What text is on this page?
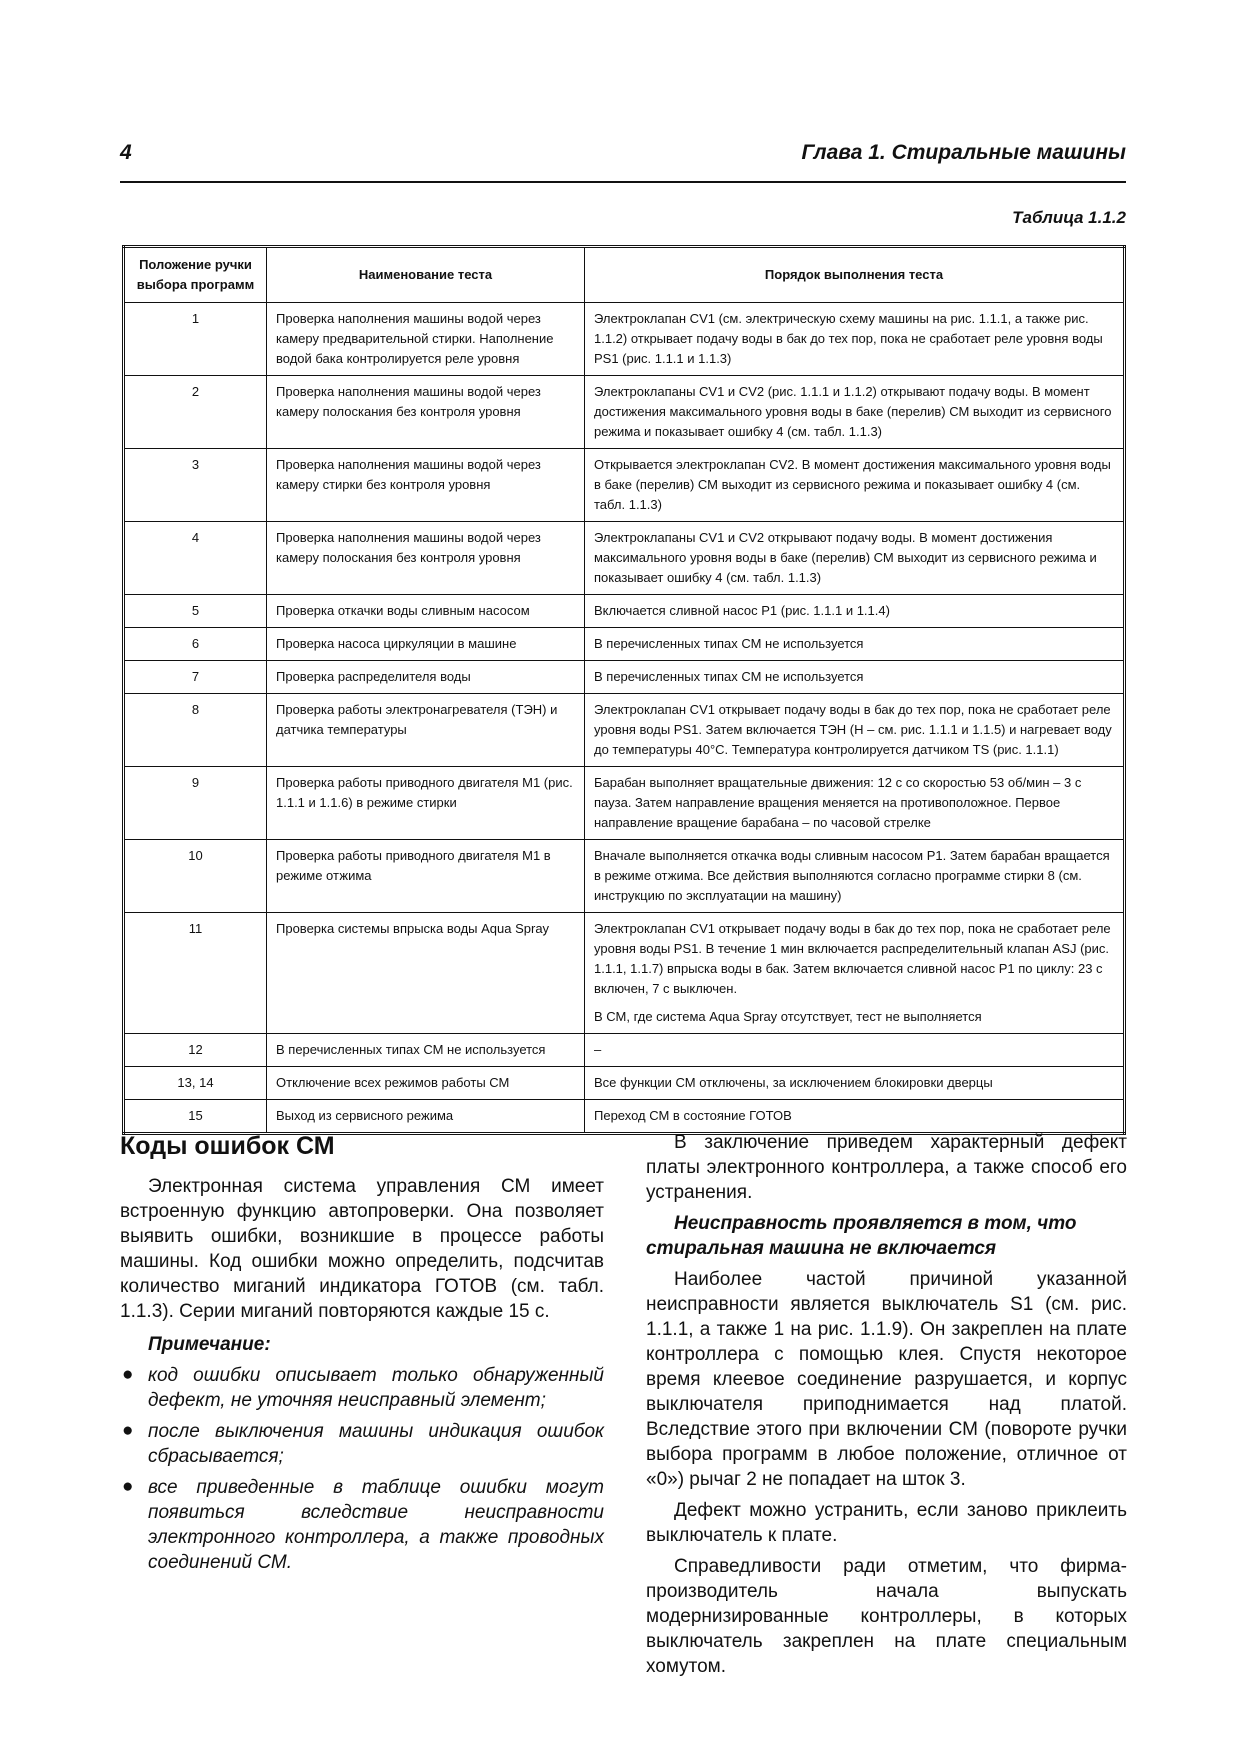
4	Глава 1. Стиральные машины
Таблица 1.1.2
Положение ручки выбора программ	Наименование теста	Порядок выполнения теста
1	Проверка наполнения машины водой через камеру предварительной стирки. Наполнение водой бака контролируется реле уровня	Электроклапан CV1 (см. электрическую схему машины на рис. 1.1.1, а также рис. 1.1.2) открывает подачу воды в бак до тех пор, пока не сработает реле уровня воды PS1 (рис. 1.1.1 и 1.1.3)
2	Проверка наполнения машины водой через камеру полоскания без контроля уровня	Электроклапаны CV1 и CV2 (рис. 1.1.1 и 1.1.2) открывают подачу воды. В момент достижения максимального уровня воды в баке (перелив) СМ выходит из сервисного режима и показывает ошибку 4 (см. табл. 1.1.3)
3	Проверка наполнения машины водой через камеру стирки без контроля уровня	Открывается электроклапан CV2. В момент достижения максимального уровня воды в баке (перелив) СМ выходит из сервисного режима и показывает ошибку 4 (см. табл. 1.1.3)
4	Проверка наполнения машины водой через камеру полоскания без контроля уровня	Электроклапаны CV1 и CV2 открывают подачу воды. В момент достижения максимального уровня воды в баке (перелив) СМ выходит из сервисного режима и показывает ошибку 4 (см. табл. 1.1.3)
5	Проверка откачки воды сливным насосом	Включается сливной насос P1 (рис. 1.1.1 и 1.1.4)
6	Проверка насоса циркуляции в машине	В перечисленных типах СМ не используется
7	Проверка распределителя воды	В перечисленных типах СМ не используется
8	Проверка работы электронагревателя (ТЭН) и датчика температуры	Электроклапан CV1 открывает подачу воды в бак до тех пор, пока не сработает реле уровня воды PS1. Затем включается ТЭН (Н – см. рис. 1.1.1 и 1.1.5) и нагревает воду до температуры 40°С. Температура контролируется датчиком TS (рис. 1.1.1)
9	Проверка работы приводного двигателя М1 (рис. 1.1.1 и 1.1.6) в режиме стирки	Барабан выполняет вращательные движения: 12 с со скоростью 53 об/мин – 3 с пауза. Затем направление вращения меняется на противоположное. Первое направление вращение барабана – по часовой стрелке
10	Проверка работы приводного двигателя М1 в режиме отжима	Вначале выполняется откачка воды сливным насосом P1. Затем барабан вращается в режиме отжима. Все действия выполняются согласно программе стирки 8 (см. инструкцию по эксплуатации на машину)
11	Проверка системы впрыска воды Aqua Spray	Электроклапан CV1 открывает подачу воды в бак до тех пор, пока не сработает реле уровня воды PS1. В течение 1 мин включается распределительный клапан ASJ (рис. 1.1.1, 1.1.7) впрыска воды в бак. Затем включается сливной насос P1 по циклу: 23 с включен, 7 с выключен.
		В СМ, где система Aqua Spray отсутствует, тест не выполняется
12	В перечисленных типах СМ не используется	–
13, 14	Отключение всех режимов работы СМ	Все функции СМ отключены, за исключением блокировки дверцы
15	Выход из сервисного режима	Переход СМ в состояние ГОТОВ
Коды ошибок СМ

Электронная система управления СМ имеет встроенную функцию автопроверки. Она позволяет выявить ошибки, возникшие в процессе работы машины. Код ошибки можно определить, подсчитав количество миганий индикатора ГОТОВ (см. табл. 1.1.3). Серии миганий повторяются каждые 15 с.

Примечание:
● код ошибки описывает только обнаруженный дефект, не уточняя неисправный элемент;
● после выключения машины индикация ошибок сбрасывается;
● все приведенные в таблице ошибки могут появиться вследствие неисправности электронного контроллера, а также проводных соединений СМ.

В заключение приведем характерный дефект платы электронного контроллера, а также способ его устранения.

Неисправность проявляется в том, что стиральная машина не включается

Наиболее частой причиной указанной неисправности является выключатель S1 (см. рис. 1.1.1, а также 1 на рис. 1.1.9). Он закреплен на плате контроллера с помощью клея. Спустя некоторое время клеевое соединение разрушается, и корпус выключателя приподнимается над платой. Вследствие этого при включении СМ (повороте ручки выбора программ в любое положение, отличное от «0») рычаг 2 не попадает на шток 3.

Дефект можно устранить, если заново приклеить выключатель к плате.

Справедливости ради отметим, что фирма-производитель начала выпускать модернизированные контроллеры, в которых выключатель закреплен на плате специальным хомутом.
